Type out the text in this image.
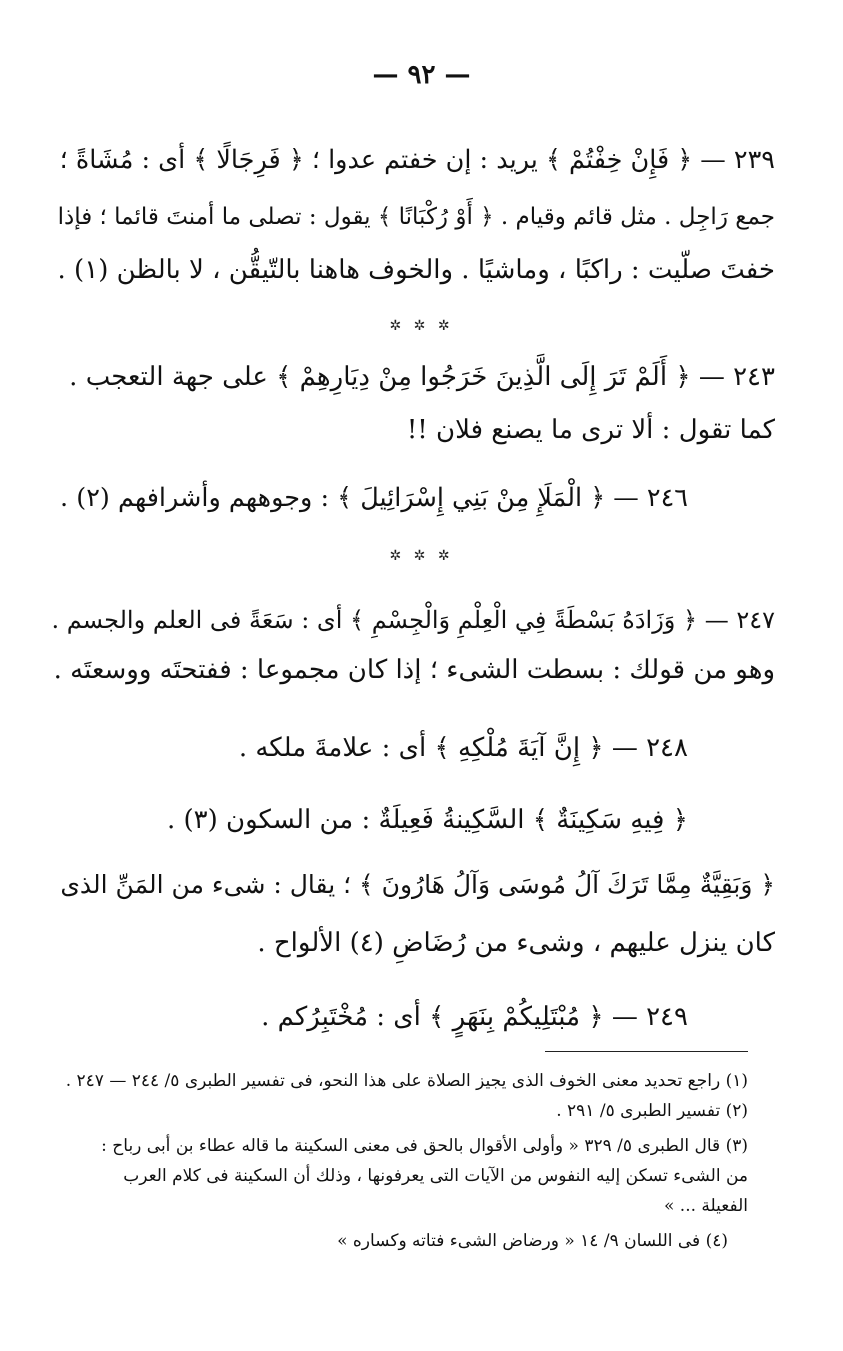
— ٩٢ —

٢٣٩ — ﴿ فَإِنْ خِفْتُمْ ﴾ يريد : إن خفتم عدوا ؛ ﴿ فَرِجَالًا ﴾ أى : مُشَاةً ؛

جمع رَاجِل . مثل قائم وقيام . ﴿ أَوْ رُكْبَانًا ﴾ يقول : تصلى ما أمنتَ قائما ؛ فإذا

خفتَ صلّيت : راكبًا ، وماشيًا . والخوف هاهنا بالتّيقُّن ، لا بالظن (١) .

✲ ✲ ✲

٢٤٣ — ﴿ أَلَمْ تَرَ إِلَى الَّذِينَ خَرَجُوا مِنْ دِيَارِهِمْ ﴾ على جهة التعجب .

كما تقول : ألا ترى ما يصنع فلان !!

٢٤٦ — ﴿ الْمَلَإِ مِنْ بَنِي إِسْرَائِيلَ ﴾ : وجوههم وأشرافهم (٢) .

✲ ✲ ✲

٢٤٧ — ﴿ وَزَادَهُ بَسْطَةً فِي الْعِلْمِ وَالْجِسْمِ ﴾ أى : سَعَةً فى العلم والجسم .

وهو من قولك : بسطت الشىء ؛ إذا كان مجموعا : ففتحتَه ووسعتَه .

٢٤٨ — ﴿ إِنَّ آيَةَ مُلْكِهِ ﴾ أى : علامةَ ملكه .

﴿ فِيهِ سَكِينَةٌ ﴾ السَّكِينةُ فَعِيلَةٌ : من السكون (٣) .

﴿ وَبَقِيَّةٌ مِمَّا تَرَكَ آلُ مُوسَى وَآلُ هَارُونَ ﴾ ؛ يقال : شىء من المَنِّ الذى

كان ينزل عليهم ، وشىء من رُضَاضِ (٤) الألواح .

٢٤٩ — ﴿ مُبْتَلِيكُمْ بِنَهَرٍ ﴾ أى : مُخْتَبِرُكم .

(١) راجع تحديد معنى الخوف الذى يجيز الصلاة على هذا النحو، فى تفسير الطبرى ٥/ ٢٤٤ — ٢٤٧ .

(٢) تفسير الطبرى ٥/ ٢٩١ .

(٣) قال الطبرى ٥/ ٣٢٩ « وأولى الأقوال بالحق فى معنى السكينة ما قاله عطاء بن أبى رباح :

من الشىء تسكن إليه النفوس من الآيات التى يعرفونها ، وذلك أن السكينة فى كلام العرب

الفعيلة ... »

(٤) فى اللسان ٩/ ١٤ « ورضاض الشىء فتاته وكساره »
